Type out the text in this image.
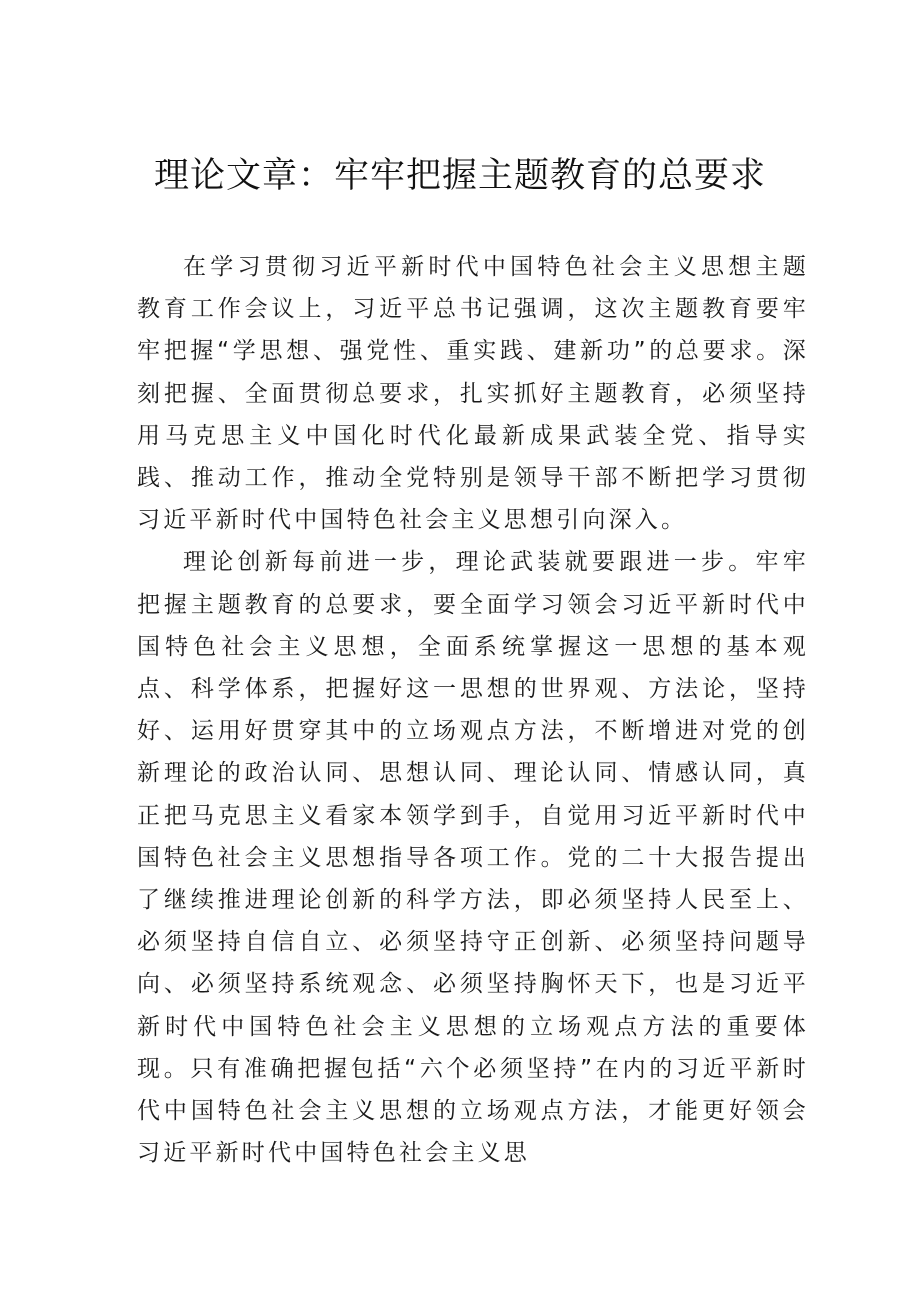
理论文章：牢牢把握主题教育的总要求

在学习贯彻习近平新时代中国特色社会主义思想主题教育工作会议上，习近平总书记强调，这次主题教育要牢牢把握“学思想、强党性、重实践、建新功”的总要求。深刻把握、全面贯彻总要求，扎实抓好主题教育，必须坚持用马克思主义中国化时代化最新成果武装全党、指导实践、推动工作，推动全党特别是领导干部不断把学习贯彻习近平新时代中国特色社会主义思想引向深入。

理论创新每前进一步，理论武装就要跟进一步。牢牢把握主题教育的总要求，要全面学习领会习近平新时代中国特色社会主义思想，全面系统掌握这一思想的基本观点、科学体系，把握好这一思想的世界观、方法论，坚持好、运用好贯穿其中的立场观点方法，不断增进对党的创新理论的政治认同、思想认同、理论认同、情感认同，真正把马克思主义看家本领学到手，自觉用习近平新时代中国特色社会主义思想指导各项工作。党的二十大报告提出了继续推进理论创新的科学方法，即必须坚持人民至上、必须坚持自信自立、必须坚持守正创新、必须坚持问题导向、必须坚持系统观念、必须坚持胸怀天下，也是习近平新时代中国特色社会主义思想的立场观点方法的重要体现。只有准确把握包括“六个必须坚持”在内的习近平新时代中国特色社会主义思想的立场观点方法，才能更好领会习近平新时代中国特色社会主义思
